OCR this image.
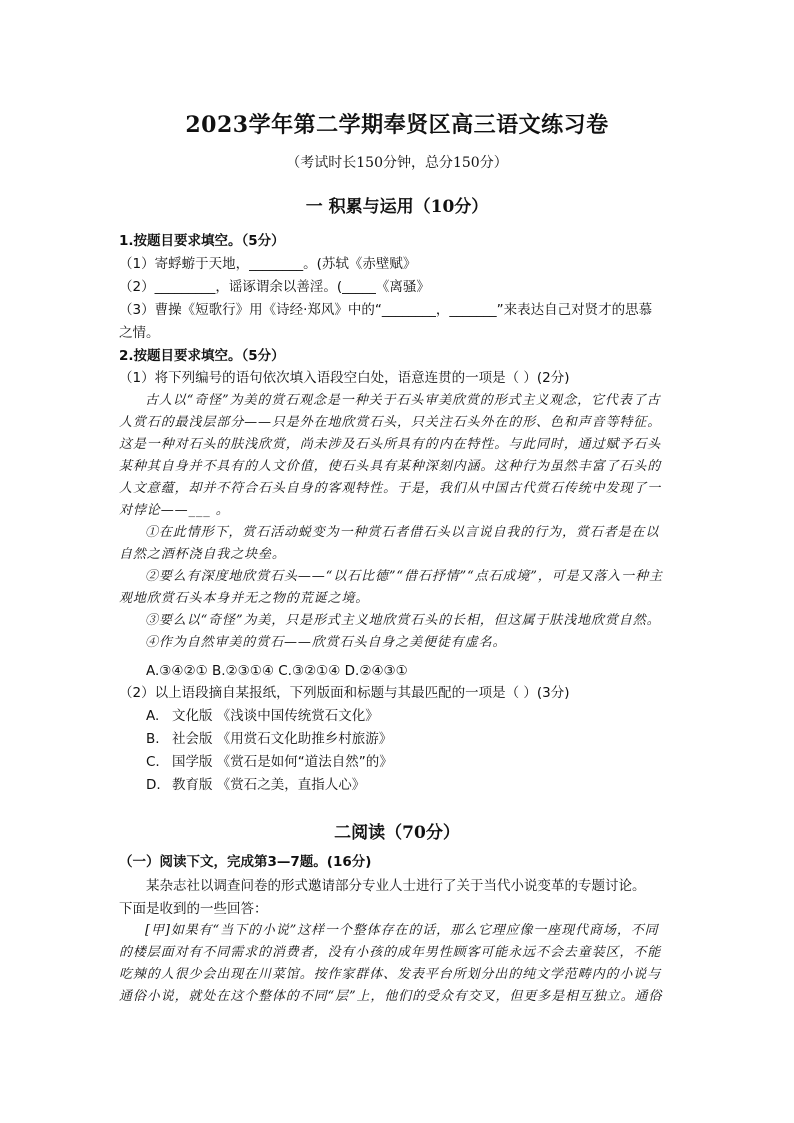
2023学年第二学期奉贤区高三语文练习卷
（考试时长150分钟，总分150分）
一 积累与运用（10分）
1.按题目要求填空。（5分）
（1）寄蜉蝣于天地，________。(苏轼《赤壁赋》
（2）_________，谣诼谓余以善淫。(_____《离骚》
（3）曹操《短歌行》用《诗经·郑风》中的“________，_______”来表达自己对贤才的思慕
之情。
2.按题目要求填空。（5分）
（1）将下列编号的语句依次填入语段空白处，语意连贯的一项是（ ）(2分)

古人以“奇怪”为美的赏石观念是一种关于石头审美欣赏的形式主义观念，它代表了古

人赏石的最浅层部分——只是外在地欣赏石头，只关注石头外在的形、色和声音等特征。

这是一种对石头的肤浅欣赏，尚未涉及石头所具有的内在特性。与此同时，通过赋予石头

某种其自身并不具有的人文价值，使石头具有某种深刻内涵。这种行为虽然丰富了石头的

人文意蕴，却并不符合石头自身的客观特性。于是，我们从中国古代赏石传统中发现了一

对悖论——___ 。

①在此情形下，赏石活动蜕变为一种赏石者借石头以言说自我的行为，赏石者是在以

自然之酒杯浇自我之块垒。

②要么有深度地欣赏石头——“以石比德”“借石抒情”“点石成境”，可是又落入一种主

观地欣赏石头本身并无之物的荒诞之境。

③要么以“奇怪”为美，只是形式主义地欣赏石头的长相，但这属于肤浅地欣赏自然。

④作为自然审美的赏石——欣赏石头自身之美便徒有虚名。

A.③④②① B.②③①④ C.③②①④ D.②④③①
（2）以上语段摘自某报纸，下列版面和标题与其最匹配的一项是（ ）(3分)
A. 文化版 《浅谈中国传统赏石文化》
B. 社会版 《用赏石文化助推乡村旅游》
C. 国学版 《赏石是如何“道法自然”的》
D. 教育版 《赏石之美，直指人心》
二阅读（70分）
（一）阅读下文，完成第3—7题。(16分)
某杂志社以调查问卷的形式邀请部分专业人士进行了关于当代小说变革的专题讨论。
下面是收到的一些回答：

[甲]如果有“当下的小说”这样一个整体存在的话，那么它理应像一座现代商场，不同

的楼层面对有不同需求的消费者，没有小孩的成年男性顾客可能永远不会去童装区，不能

吃辣的人很少会出现在川菜馆。按作家群体、发表平台所划分出的纯文学范畴内的小说与

通俗小说，就处在这个整体的不同“层”上，他们的受众有交叉，但更多是相互独立。通俗
